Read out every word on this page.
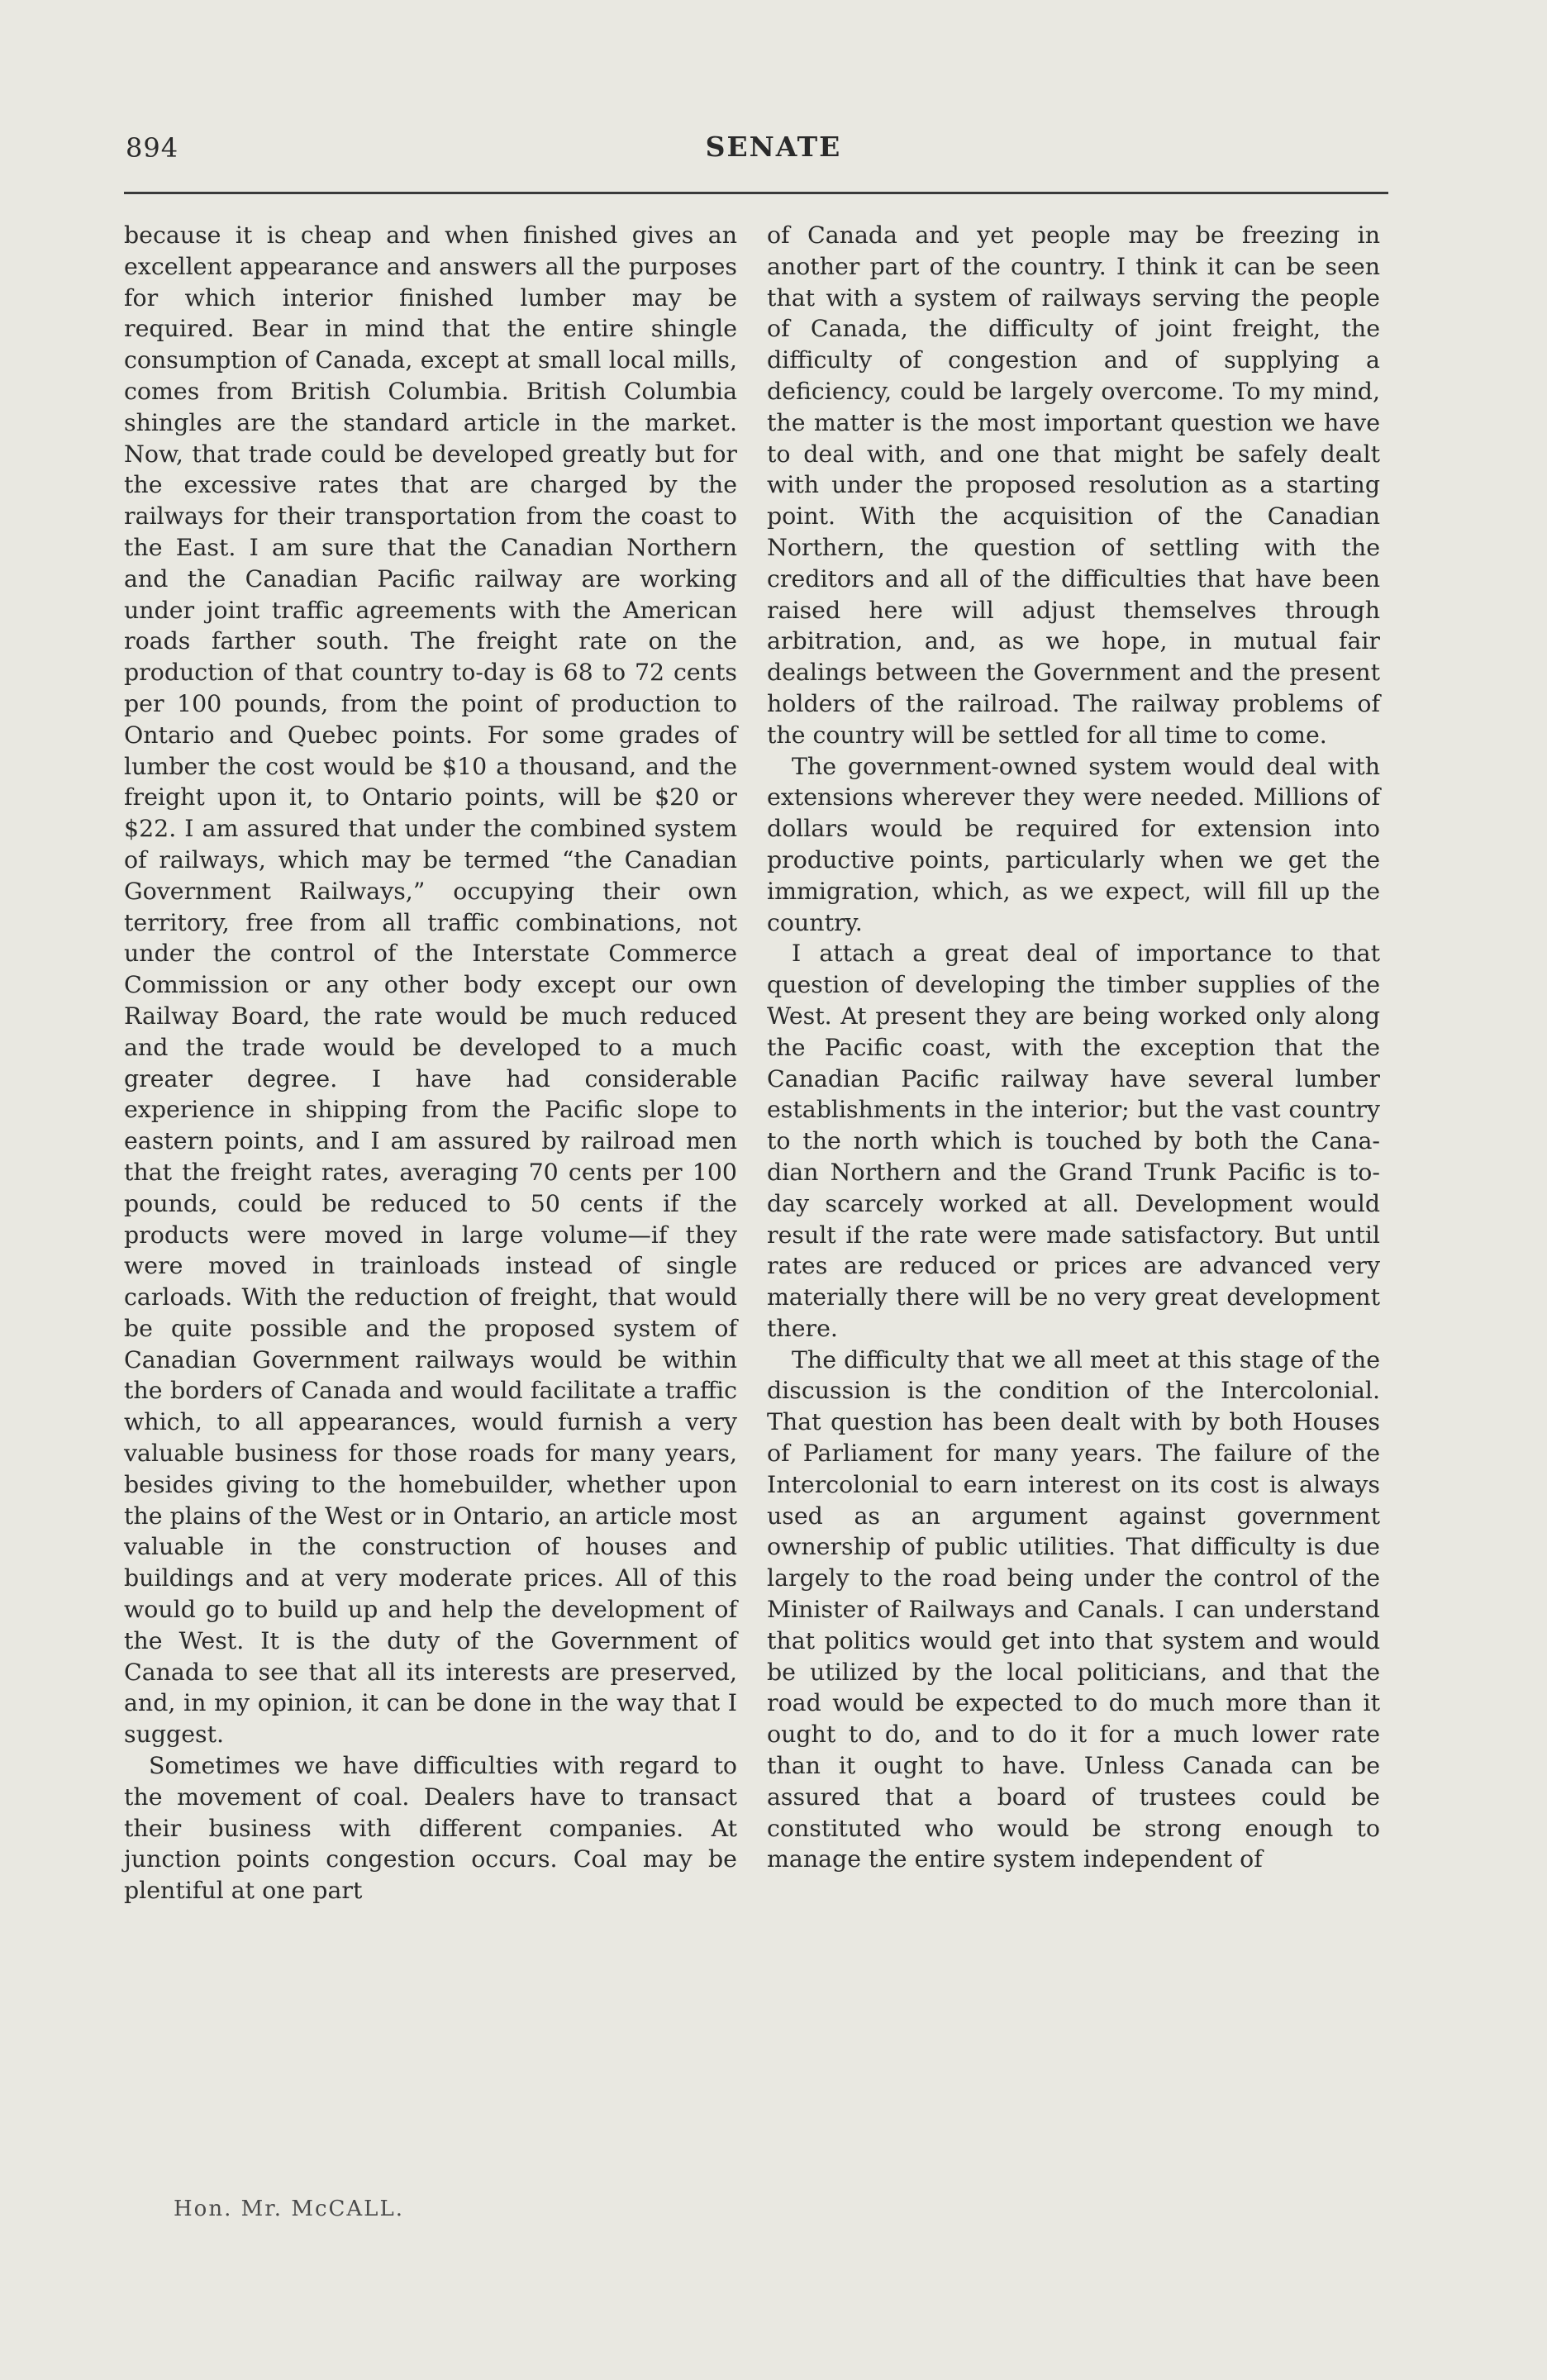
894	SENATE

because it is cheap and when finished gives an excellent appearance and answers all the purposes for which interior finished lumber may be required. Bear in mind that the entire shingle consumption of Canada, except at small local mills, comes from British Columbia. British Columbia shingles are the standard article in the market. Now, that trade could be developed greatly but for the excessive rates that are charged by the railways for their transportation from the coast to the East. I am sure that the Canadian Northern and the Canadian Pacific railway are working under joint traffic agreements with the American roads farther south. The freight rate on the production of that country to-day is 68 to 72 cents per 100 pounds, from the point of production to Ontario and Quebec points. For some grades of lumber the cost would be $10 a thousand, and the freight upon it, to Ontario points, will be $20 or $22. I am assured that under the combined system of railways, which may be termed “the Canadian Government Railways,” occupying their own territory, free from all traffic combinations, not under the control of the Interstate Commerce Commission or any other body except our own Railway Board, the rate would be much reduced and the trade would be developed to a much greater degree. I have had considerable experience in shipping from the Pacific slope to eastern points, and I am assured by railroad men that the freight rates, averaging 70 cents per 100 pounds, could be reduced to 50 cents if the products were moved in large volume—if they were moved in trainloads instead of single carloads. With the reduction of freight, that would be quite possible and the proposed system of Canadian Government railways would be within the borders of Canada and would facilitate a traffic which, to all appearances, would furnish a very valuable business for those roads for many years, besides giving to the homebuilder, whether upon the plains of the West or in Ontario, an article most valuable in the construction of houses and buildings and at very moderate prices. All of this would go to build up and help the development of the West. It is the duty of the Government of Canada to see that all its interests are preserved, and, in my opinion, it can be done in the way that I suggest.

Sometimes we have difficulties with regard to the movement of coal. Dealers have to transact their business with different companies. At junction points congestion occurs. Coal may be plentiful at one part

of Canada and yet people may be freezing in another part of the country. I think it can be seen that with a system of railways serving the people of Canada, the difficulty of joint freight, the difficulty of congestion and of supplying a deficiency, could be largely overcome. To my mind, the matter is the most important question we have to deal with, and one that might be safely dealt with under the proposed resolution as a starting point. With the acquisition of the Canadian Northern, the question of settling with the creditors and all of the difficulties that have been raised here will adjust themselves through arbitration, and, as we hope, in mutual fair dealings between the Government and the present holders of the railroad. The railway problems of the country will be settled for all time to come.

The government-owned system would deal with extensions wherever they were needed. Millions of dollars would be required for extension into productive points, particularly when we get the immigration, which, as we expect, will fill up the country.

I attach a great deal of importance to that question of developing the timber supplies of the West. At present they are being worked only along the Pacific coast, with the exception that the Canadian Pacific railway have several lumber establishments in the interior; but the vast country to the north which is touched by both the Canadian Northern and the Grand Trunk Pacific is to-day scarcely worked at all. Development would result if the rate were made satisfactory. But until rates are reduced or prices are advanced very materially there will be no very great development there.

The difficulty that we all meet at this stage of the discussion is the condition of the Intercolonial. That question has been dealt with by both Houses of Parliament for many years. The failure of the Intercolonial to earn interest on its cost is always used as an argument against government ownership of public utilities. That difficulty is due largely to the road being under the control of the Minister of Railways and Canals. I can understand that politics would get into that system and would be utilized by the local politicians, and that the road would be expected to do much more than it ought to do, and to do it for a much lower rate than it ought to have. Unless Canada can be assured that a board of trustees could be constituted who would be strong enough to manage the entire system independent of

Hon. Mr. McCALL.
